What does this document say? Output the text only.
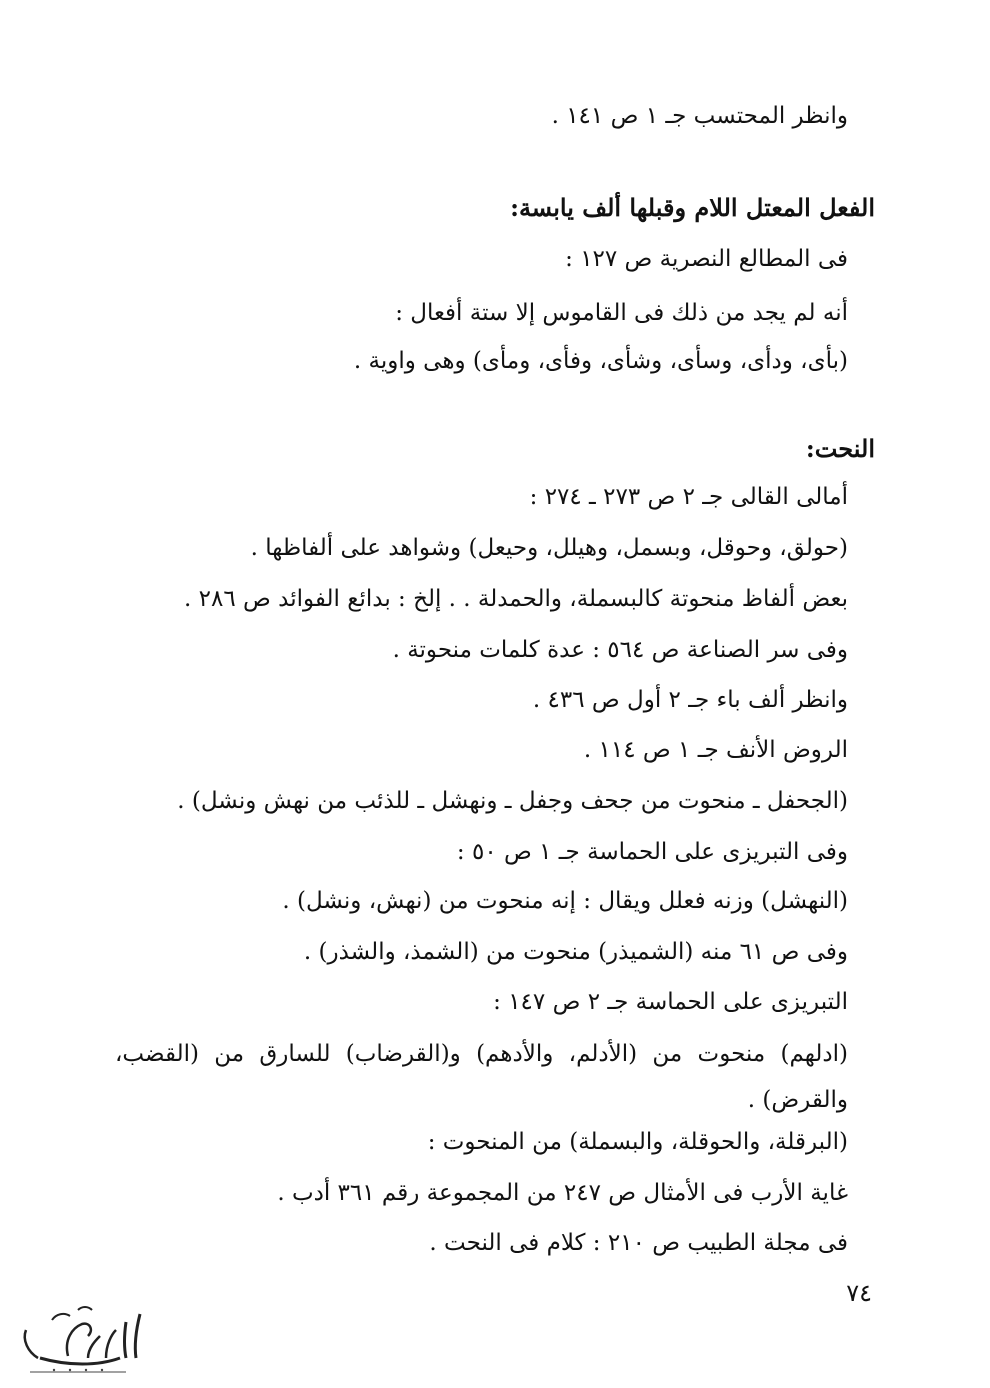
وانظر المحتسب جـ ١ ص ١٤١ .

الفعل المعتل اللام وقبلها ألف يابسة:

فى المطالع النصرية ص ١٢٧ :

أنه لم يجد من ذلك فى القاموس إلا ستة أفعال :

(بأى، ودأى، وسأى، وشأى، وفأى، ومأى) وهى واوية .

النحت:

أمالى القالى جـ ٢ ص ٢٧٣ ـ ٢٧٤ :

(حولق، وحوقل، وبسمل، وهيلل، وحيعل) وشواهد على ألفاظها .

بعض ألفاظ منحوتة كالبسملة، والحمدلة . . إلخ : بدائع الفوائد ص ٢٨٦ .

وفى سر الصناعة ص ٥٦٤ : عدة كلمات منحوتة .

وانظر ألف باء جـ ٢ أول ص ٤٣٦ .

الروض الأنف جـ ١ ص ١١٤ .

(الجحفل ـ منحوت من جحف وجفل ـ ونهشل ـ للذئب من نهش ونشل) .

وفى التبريزى على الحماسة جـ ١ ص ٥٠ :

(النهشل) وزنه فعلل ويقال : إنه منحوت من (نهش، ونشل) .

وفى ص ٦١ منه (الشميذر) منحوت من (الشمذ، والشذر) .

التبريزى على الحماسة جـ ٢ ص ١٤٧ :

(ادلهم) منحوت من (الأدلم، والأدهم) و(القرضاب) للسارق من (القضب، والقرض) .

(البرقلة، والحوقلة، والبسملة) من المنحوت :

غاية الأرب فى الأمثال ص ٢٤٧ من المجموعة رقم ٣٦١ أدب .

فى مجلة الطبيب ص ٢١٠ : كلام فى النحت .

٧٤
